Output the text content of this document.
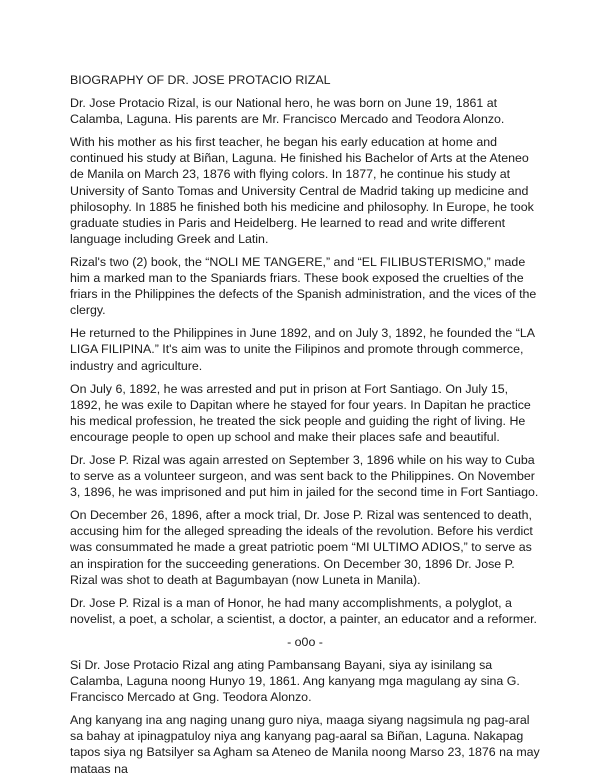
BIOGRAPHY OF DR. JOSE PROTACIO RIZAL

Dr. Jose Protacio Rizal, is our National hero, he was born on June 19, 1861 at Calamba, Laguna. His parents are Mr. Francisco Mercado and Teodora Alonzo.

With his mother as his first teacher, he began his early education at home and continued his study at Biñan, Laguna. He finished his Bachelor of Arts at the Ateneo de Manila on March 23, 1876 with flying colors. In 1877, he continue his study at University of Santo Tomas and University Central de Madrid taking up medicine and philosophy. In 1885 he finished both his medicine and philosophy. In Europe, he took graduate studies in Paris and Heidelberg. He learned to read and write different language including Greek and Latin.

Rizal's two (2) book, the “NOLI ME TANGERE,” and “EL FILIBUSTERISMO,” made him a marked man to the Spaniards friars. These book exposed the cruelties of the friars in the Philippines the defects of the Spanish administration, and the vices of the clergy.

He returned to the Philippines in June 1892, and on July 3, 1892, he founded the “LA LIGA FILIPINA.” It's aim was to unite the Filipinos and promote through commerce, industry and agriculture.

On July 6, 1892, he was arrested and put in prison at Fort Santiago. On July 15, 1892, he was exile to Dapitan where he stayed for four years. In Dapitan he practice his medical profession, he treated the sick people and guiding the right of living. He encourage people to open up school and make their places safe and beautiful.

Dr. Jose P. Rizal was again arrested on September 3, 1896 while on his way to Cuba to serve as a volunteer surgeon, and was sent back to the Philippines. On November 3, 1896, he was imprisoned and put him in jailed for the second time in Fort Santiago.

On December 26, 1896, after a mock trial, Dr. Jose P. Rizal was sentenced to death, accusing him for the alleged spreading the ideals of the revolution. Before his verdict was consummated he made a great patriotic poem “MI ULTIMO ADIOS,” to serve as an inspiration for the succeeding generations. On December 30, 1896 Dr. Jose P. Rizal was shot to death at Bagumbayan (now Luneta in Manila).

Dr. Jose P. Rizal is a man of Honor, he had many accomplishments, a polyglot, a novelist, a poet, a scholar, a scientist, a doctor, a painter, an educator and a reformer.

- o0o -

Si Dr. Jose Protacio Rizal ang ating Pambansang Bayani, siya ay isinilang sa Calamba, Laguna noong Hunyo 19, 1861. Ang kanyang mga magulang ay sina G. Francisco Mercado at Gng. Teodora Alonzo.

Ang kanyang ina ang naging unang guro niya, maaga siyang nagsimula ng pag-aral sa bahay at ipinagpatuloy niya ang kanyang pag-aaral sa Biñan, Laguna. Nakapag tapos siya ng Batsilyer sa Agham sa Ateneo de Manila noong Marso 23, 1876 na may mataas na
